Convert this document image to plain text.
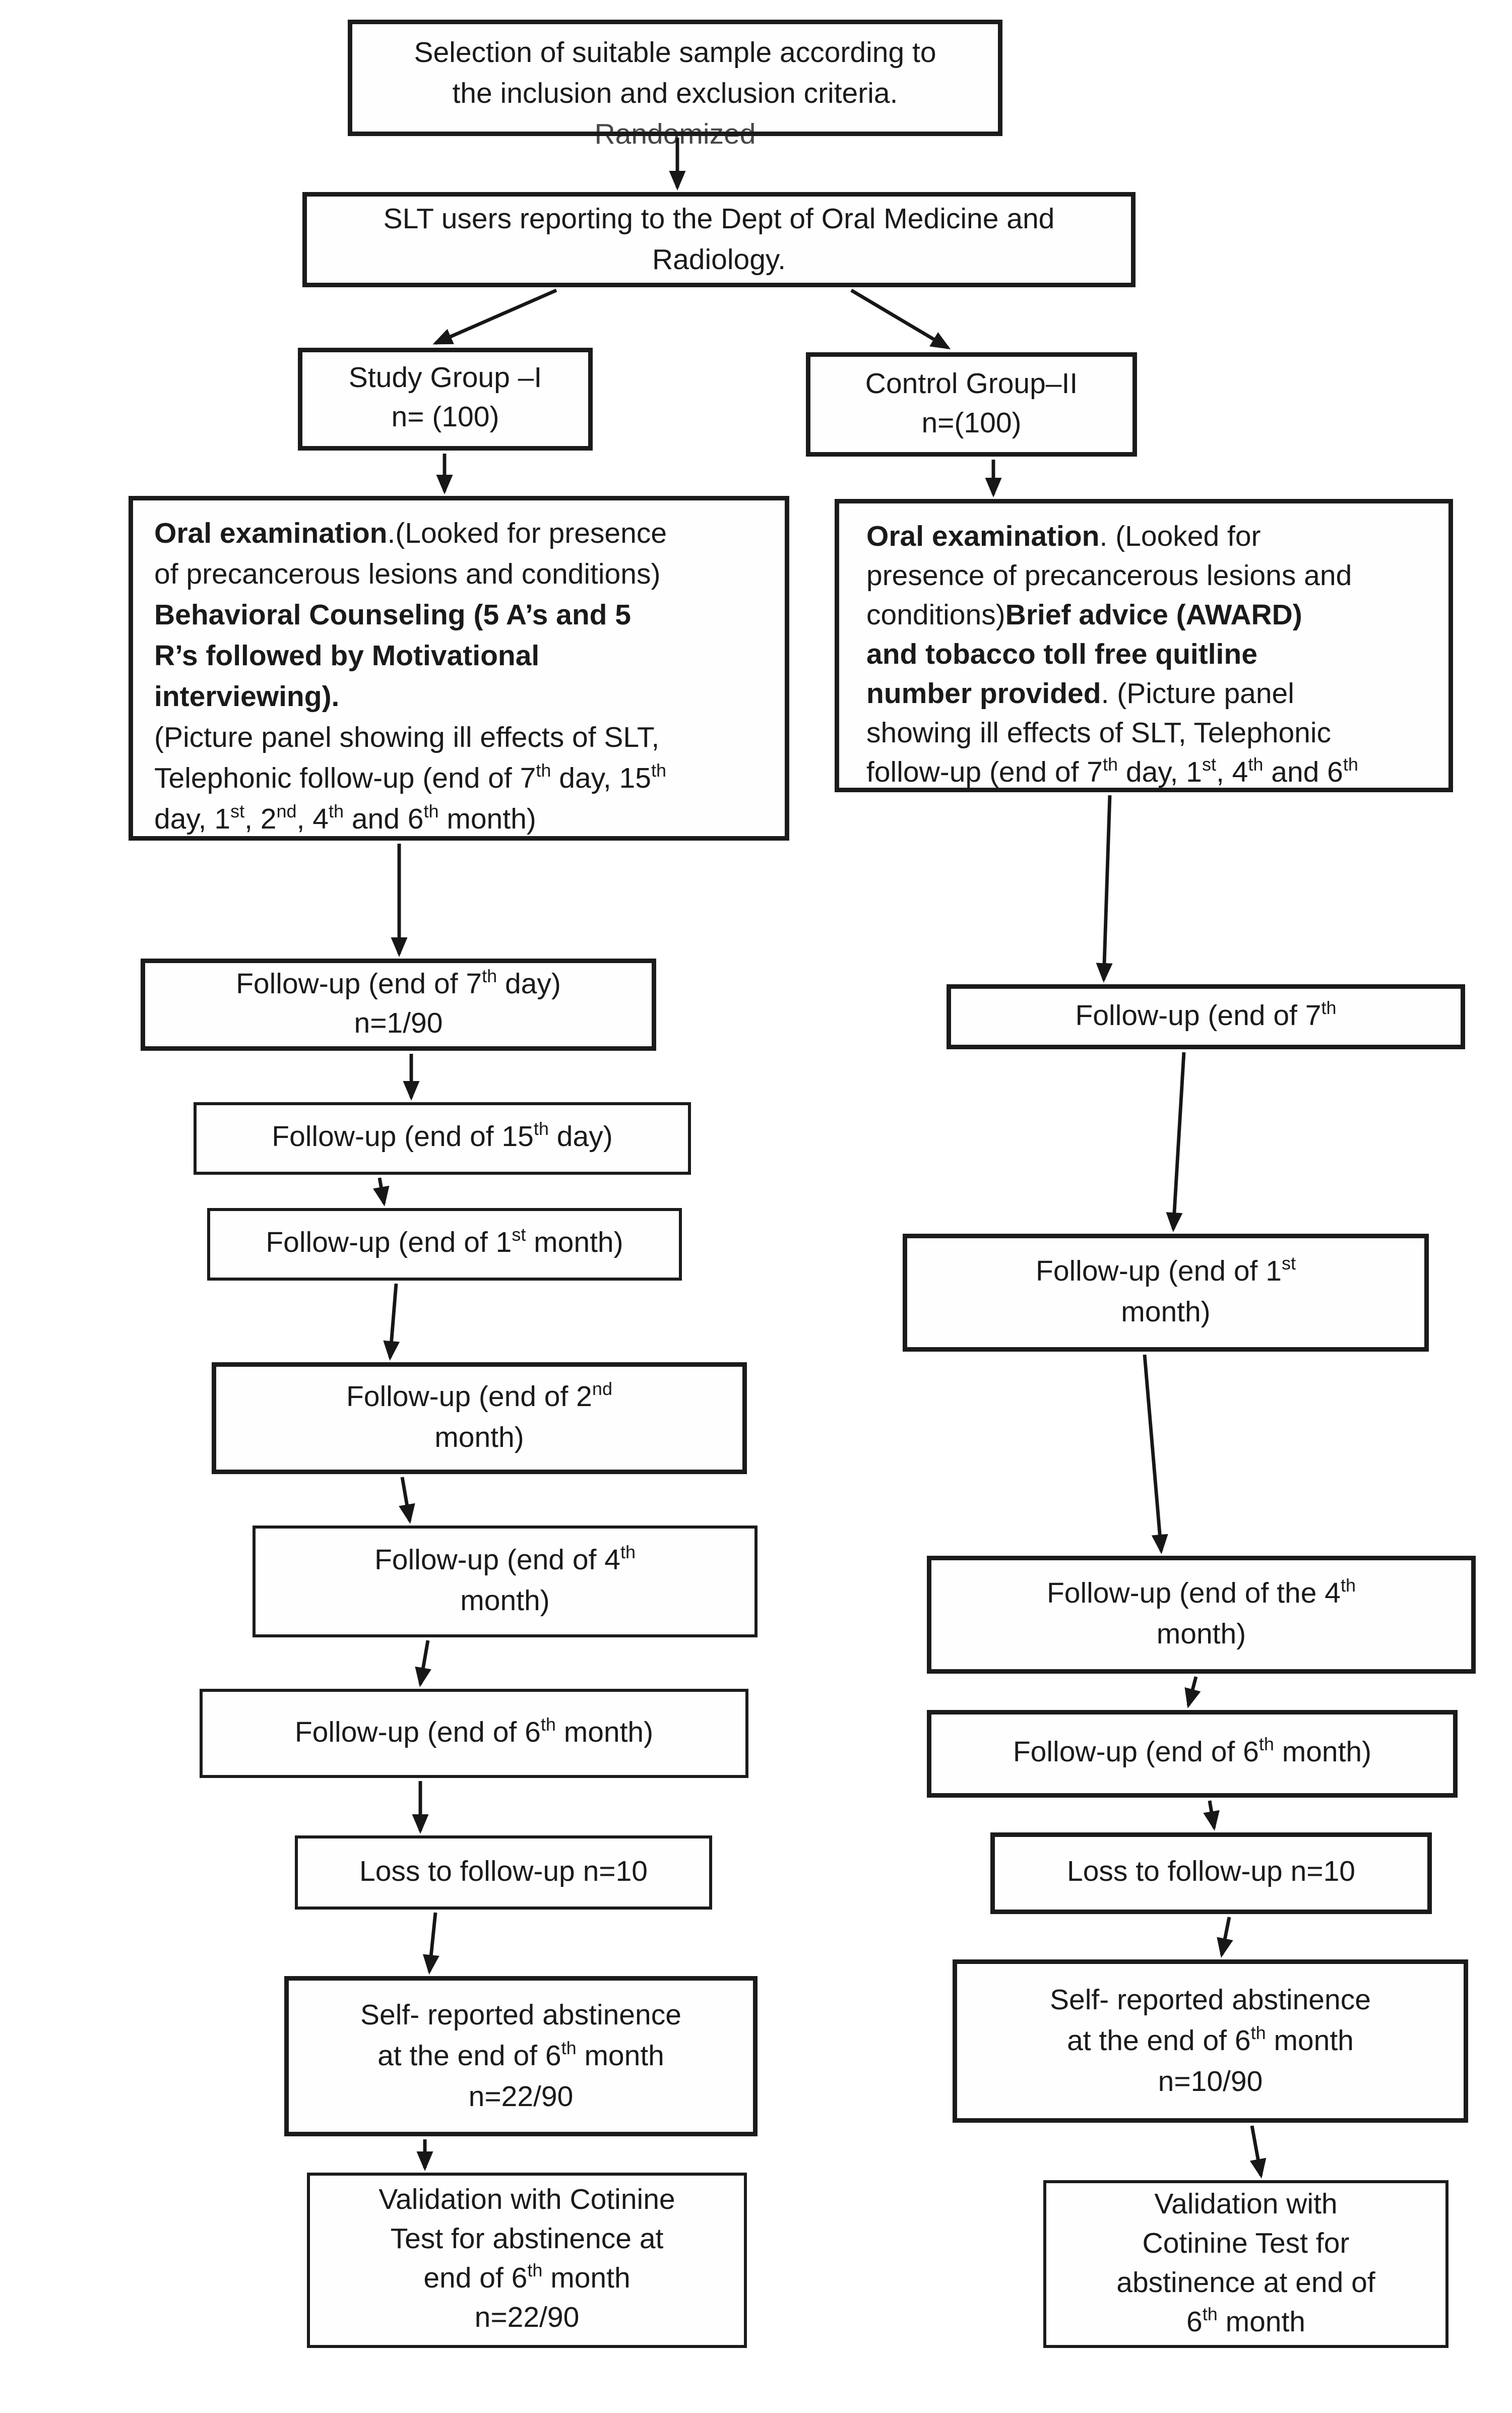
Selection of suitable sample according to
the inclusion and exclusion criteria.
Randomized
SLT users reporting to the Dept of Oral Medicine and
Radiology.
Study Group –I
n= (100)
Control Group–II
n=(100)
Oral examination.(Looked for presence
of precancerous lesions and conditions)
Behavioral Counseling (5 A’s and 5
R’s followed by Motivational
interviewing).
(Picture panel showing ill effects of SLT,
Telephonic follow-up (end of 7th day, 15th
day, 1st, 2nd, 4th and 6th month)
Oral examination. (Looked for
presence of precancerous lesions and
conditions)Brief advice (AWARD)
and tobacco toll free quitline
number provided. (Picture panel
showing ill effects of SLT, Telephonic
follow-up (end of 7th day, 1st, 4th and 6th
Follow-up (end of 7th day)
n=1/90
Follow-up (end of 15th day)
Follow-up (end of 1st month)
Follow-up (end of 2nd
month)
Follow-up (end of 4th
month)
Follow-up (end of 6th month)
Loss to follow-up n=10
Self- reported abstinence
at the end of 6th month
n=22/90
Validation with Cotinine
Test for abstinence at
end of 6th month
n=22/90
Follow-up (end of 7th
Follow-up (end of 1st
month)
Follow-up (end of the 4th
month)
Follow-up (end of 6th month)
Loss to follow-up n=10
Self- reported abstinence
at the end of 6th month
n=10/90
Validation with
Cotinine Test for
abstinence at end of
6th month
